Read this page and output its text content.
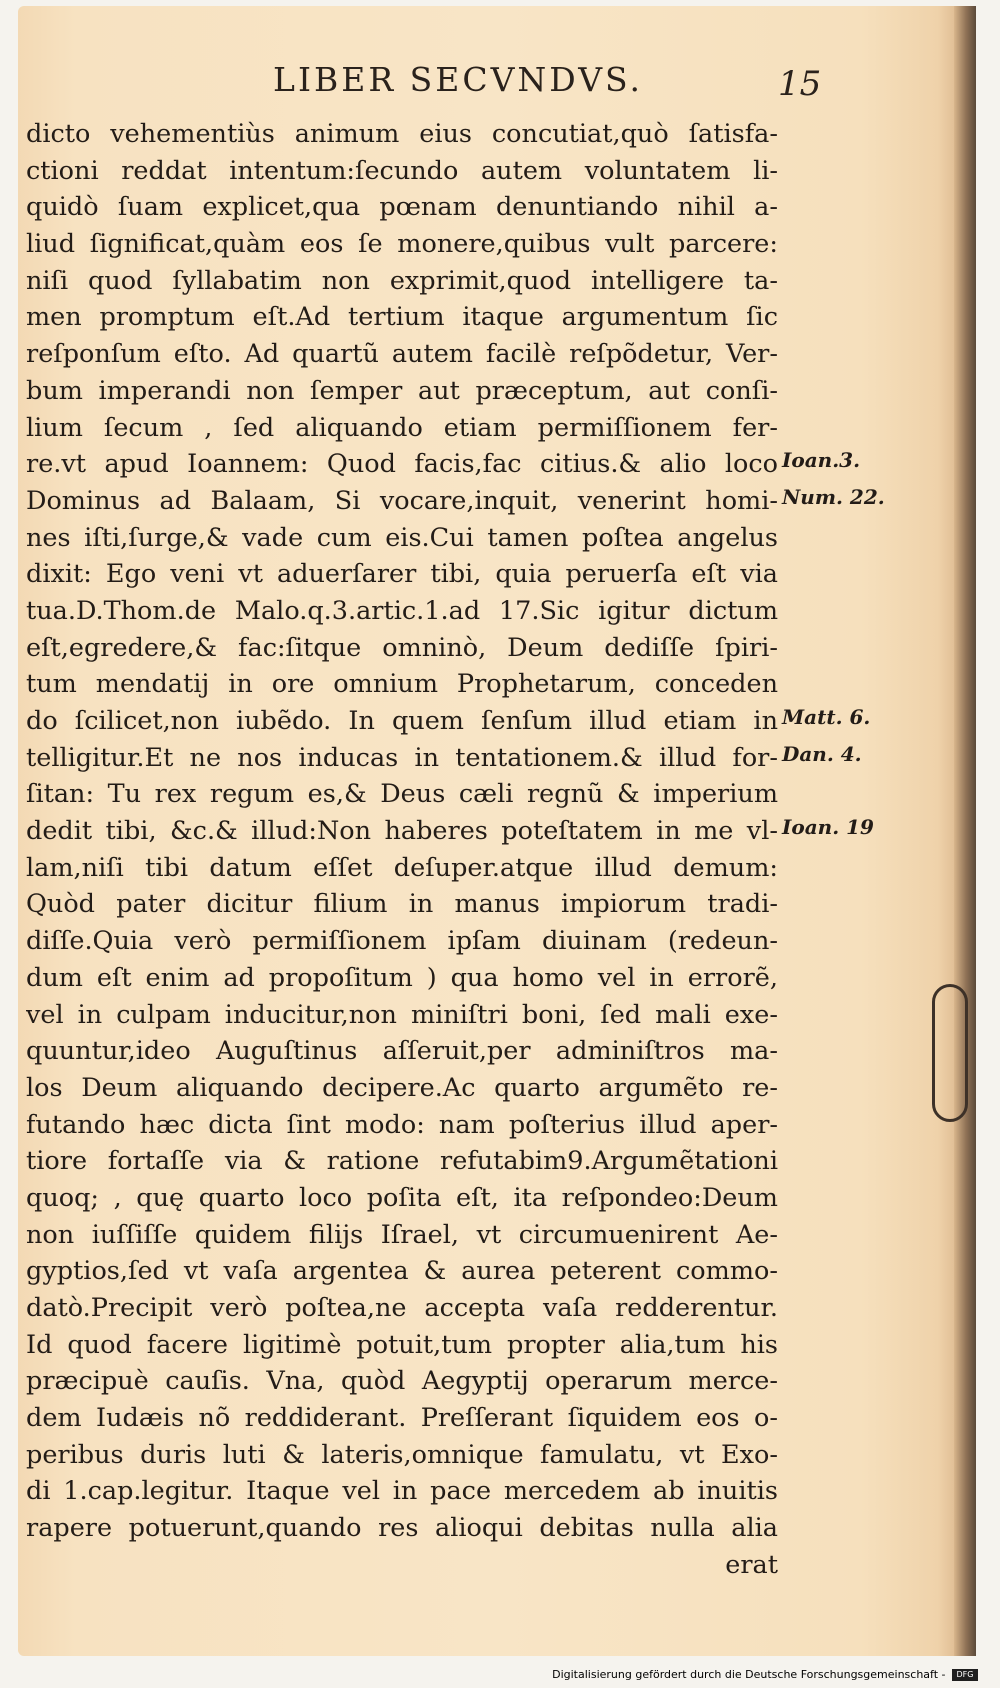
LIBER SECVNDVS.	15
dicto vehementiùs animum eius concutiat,quò ſatisfa-
ctioni reddat intentum:ſecundo autem voluntatem li-
quidò ſuam explicet,qua pœnam denuntiando nihil a-
liud ſignificat,quàm eos ſe monere,quibus vult parcere:
niſi quod ſyllabatim non exprimit,quod intelligere ta-
men promptum eſt.Ad tertium itaque argumentum ſic
reſponſum eſto. Ad quartũ autem facilè reſpõdetur, Ver-
bum imperandi non ſemper aut præceptum, aut conſi-
lium ſecum , ſed aliquando etiam permiſſionem fer-
re.vt apud Ioannem: Quod facis,fac citius.& alio loco
Dominus ad Balaam, Si vocare,inquit, venerint homi-
nes iſti,ſurge,& vade cum eis.Cui tamen poſtea angelus
dixit: Ego veni vt aduerſarer tibi, quia peruerſa eſt via
tua.D.Thom.de Malo.q.3.artic.1.ad 17.Sic igitur dictum
eſt,egredere,& fac:ſitque omninò, Deum dediſſe ſpiri-
tum mendatij in ore omnium Prophetarum, conceden
do ſcilicet,non iubẽdo. In quem ſenſum illud etiam in
telligitur.Et ne nos inducas in tentationem.& illud for-
ſitan: Tu rex regum es,& Deus cæli regnũ & imperium
dedit tibi, &c.& illud:Non haberes poteſtatem in me vl-
lam,niſi tibi datum eſſet deſuper.atque illud demum:
Quòd pater dicitur filium in manus impiorum tradi-
diſſe.Quia verò permiſſionem ipſam diuinam (redeun-
dum eſt enim ad propoſitum ) qua homo vel in errorẽ,
vel in culpam inducitur,non miniſtri boni, ſed mali exe-
quuntur,ideo Auguſtinus aſſeruit,per adminiſtros ma-
los Deum aliquando decipere.Ac quarto argumẽto re-
futando hæc dicta ſint modo: nam poſterius illud aper-
tiore fortaſſe via & ratione refutabim9.Argumẽtationi
quoq; , quę quarto loco poſita eſt, ita reſpondeo:Deum
non iuſſiſſe quidem filijs Iſrael, vt circumuenirent Ae-
gyptios,ſed vt vaſa argentea & aurea peterent commo-
datò.Precipit verò poſtea,ne accepta vaſa redderentur.
Id quod facere ligitimè potuit,tum propter alia,tum his
præcipuè cauſis. Vna, quòd Aegyptij operarum merce-
dem Iudæis nõ reddiderant. Preſſerant ſiquidem eos o-
peribus duris luti & lateris,omnique famulatu, vt Exo-
di 1.cap.legitur. Itaque vel in pace mercedem ab inuitis
rapere potuerunt,quando res alioqui debitas nulla alia
erat
Ioan.3.
Num. 22.
Matt. 6.
Dan. 4.
Ioan. 19
Digitalisierung gefördert durch die Deutsche Forschungsgemeinschaft - DFG
